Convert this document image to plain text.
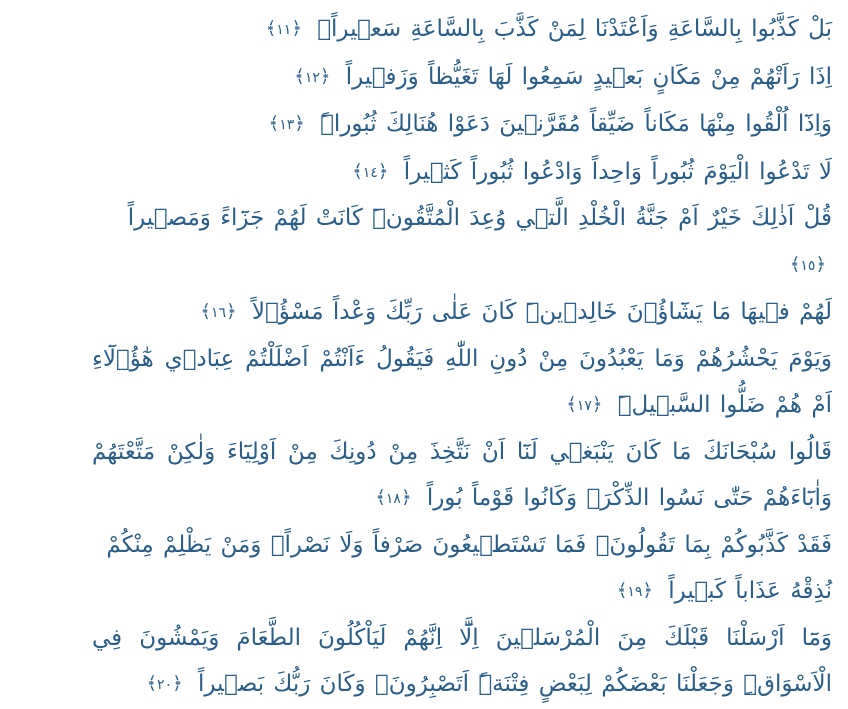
بَلْ كَذَّبُوا بِالسَّاعَةِ وَاَعْتَدْنَا لِمَنْ كَذَّبَ بِالسَّاعَةِ سَع۪يراًۚ ﴿١١﴾

اِذَا رَاَتْهُمْ مِنْ مَكَانٍ بَع۪يدٍ سَمِعُوا لَهَا تَغَيُّظاً وَزَف۪يراً ﴿١٢﴾

وَاِذَٓا اُلْقُوا مِنْهَا مَكَاناً ضَيِّقاً مُقَرَّن۪ينَ دَعَوْا هُنَالِكَ ثُبُوراًۜ ﴿١٣﴾

لَا تَدْعُوا الْيَوْمَ ثُبُوراً وَاحِداً وَادْعُوا ثُبُوراً كَث۪يراً ﴿١٤﴾

قُلْ اَذٰلِكَ خَيْرٌ اَمْ جَنَّةُ الْخُلْدِ الَّت۪ي وُعِدَ الْمُتَّقُونَۜ كَانَتْ لَهُمْ جَزَٓاءً وَمَص۪يراً ﴿١٥﴾

لَهُمْ ف۪يهَا مَا يَشَٓاؤُ۫نَ خَالِد۪ينَۜ كَانَ عَلٰى رَبِّكَ وَعْداً مَسْؤُ۫لاً ﴿١٦﴾

وَيَوْمَ يَحْشُرُهُمْ وَمَا يَعْبُدُونَ مِنْ دُونِ اللّٰهِ فَيَقُولُ ءَاَنْتُمْ اَضْلَلْتُمْ عِبَاد۪ي هٰٓؤُ۬لَٓاءِ اَمْ هُمْ ضَلُّوا السَّب۪يلَۜ ﴿١٧﴾

قَالُوا سُبْحَانَكَ مَا كَانَ يَنْبَغ۪ي لَنَٓا اَنْ نَتَّخِذَ مِنْ دُونِكَ مِنْ اَوْلِيَٓاءَ وَلٰكِنْ مَتَّعْتَهُمْ وَاٰبَٓاءَهُمْ حَتّٰى نَسُوا الذِّكْرَۚ وَكَانُوا قَوْماً بُوراً ﴿١٨﴾

فَقَدْ كَذَّبُوكُمْ بِمَا تَقُولُونَۙ فَمَا تَسْتَط۪يعُونَ صَرْفاً وَلَا نَصْراًۚ وَمَنْ يَظْلِمْ مِنْكُمْ نُذِقْهُ عَذَاباً كَب۪يراً ﴿١٩﴾

وَمَٓا اَرْسَلْنَا قَبْلَكَ مِنَ الْمُرْسَل۪ينَ اِلَّٓا اِنَّهُمْ لَيَاْكُلُونَ الطَّعَامَ وَيَمْشُونَ فِي الْاَسْوَاقِۜ وَجَعَلْنَا بَعْضَكُمْ لِبَعْضٍ فِتْنَةًۜ اَتَصْبِرُونَۚ وَكَانَ رَبُّكَ بَص۪يراً ﴿٢٠﴾
